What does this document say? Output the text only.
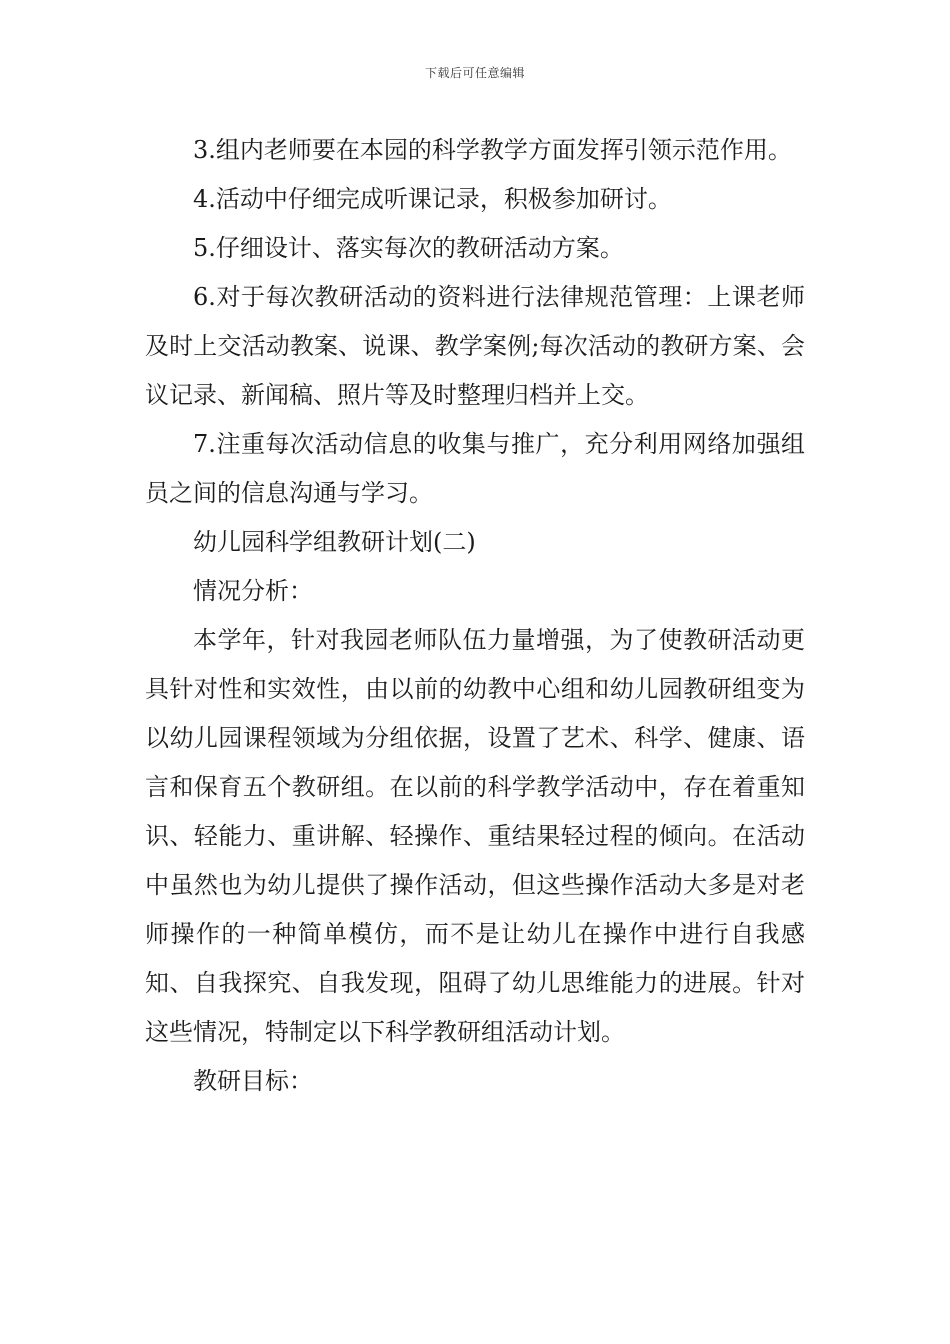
下载后可任意编辑

3.组内老师要在本园的科学教学方面发挥引领示范作用。

4.活动中仔细完成听课记录，积极参加研讨。

5.仔细设计、落实每次的教研活动方案。

6.对于每次教研活动的资料进行法律规范管理：上课老师及时上交活动教案、说课、教学案例;每次活动的教研方案、会议记录、新闻稿、照片等及时整理归档并上交。

7.注重每次活动信息的收集与推广，充分利用网络加强组员之间的信息沟通与学习。

幼儿园科学组教研计划(二)

情况分析：

本学年，针对我园老师队伍力量增强，为了使教研活动更具针对性和实效性，由以前的幼教中心组和幼儿园教研组变为以幼儿园课程领域为分组依据，设置了艺术、科学、健康、语言和保育五个教研组。在以前的科学教学活动中，存在着重知识、轻能力、重讲解、轻操作、重结果轻过程的倾向。在活动中虽然也为幼儿提供了操作活动，但这些操作活动大多是对老师操作的一种简单模仿，而不是让幼儿在操作中进行自我感知、自我探究、自我发现，阻碍了幼儿思维能力的进展。针对这些情况，特制定以下科学教研组活动计划。

教研目标：
